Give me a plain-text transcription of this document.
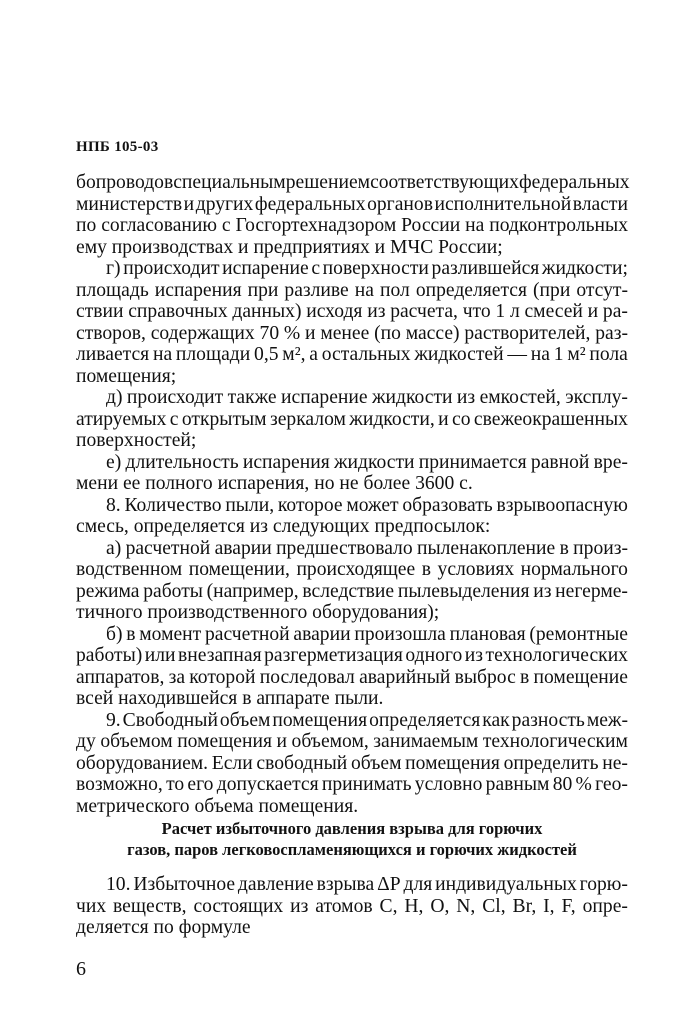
НПБ 105-03
бопроводов специальным решением соответствующих федеральных
министерств и других федеральных органов исполнительной власти
по согласованию с Госгортехнадзором России на подконтрольных
ему производствах и предприятиях и МЧС России;
г) происходит испарение с поверхности разлившейся жидкости;
площадь испарения при разливе на пол определяется (при отсут-
ствии справочных данных) исходя из расчета, что 1 л смесей и ра-
створов, содержащих 70 % и менее (по массе) растворителей, раз-
ливается на площади 0,5 м², а остальных жидкостей — на 1 м² пола
помещения;
д) происходит также испарение жидкости из емкостей, эксплу-
атируемых с открытым зеркалом жидкости, и со свежеокрашенных
поверхностей;
е) длительность испарения жидкости принимается равной вре-
мени ее полного испарения, но не более 3600 с.
8. Количество пыли, которое может образовать взрывоопасную
смесь, определяется из следующих предпосылок:
а) расчетной аварии предшествовало пыленакопление в произ-
водственном помещении, происходящее в условиях нормального
режима работы (например, вследствие пылевыделения из негерме-
тичного производственного оборудования);
б) в момент расчетной аварии произошла плановая (ремонтные
работы) или внезапная разгерметизация одного из технологических
аппаратов, за которой последовал аварийный выброс в помещение
всей находившейся в аппарате пыли.
9. Свободный объем помещения определяется как разность меж-
ду объемом помещения и объемом, занимаемым технологическим
оборудованием. Если свободный объем помещения определить не-
возможно, то его допускается принимать условно равным 80 % гео-
метрического объема помещения.
Расчет избыточного давления взрыва для горючих
газов, паров легковоспламеняющихся и горючих жидкостей
10. Избыточное давление взрыва ΔP для индивидуальных горю-
чих веществ, состоящих из атомов C, H, O, N, Cl, Br, I, F, опре-
деляется по формуле
6
